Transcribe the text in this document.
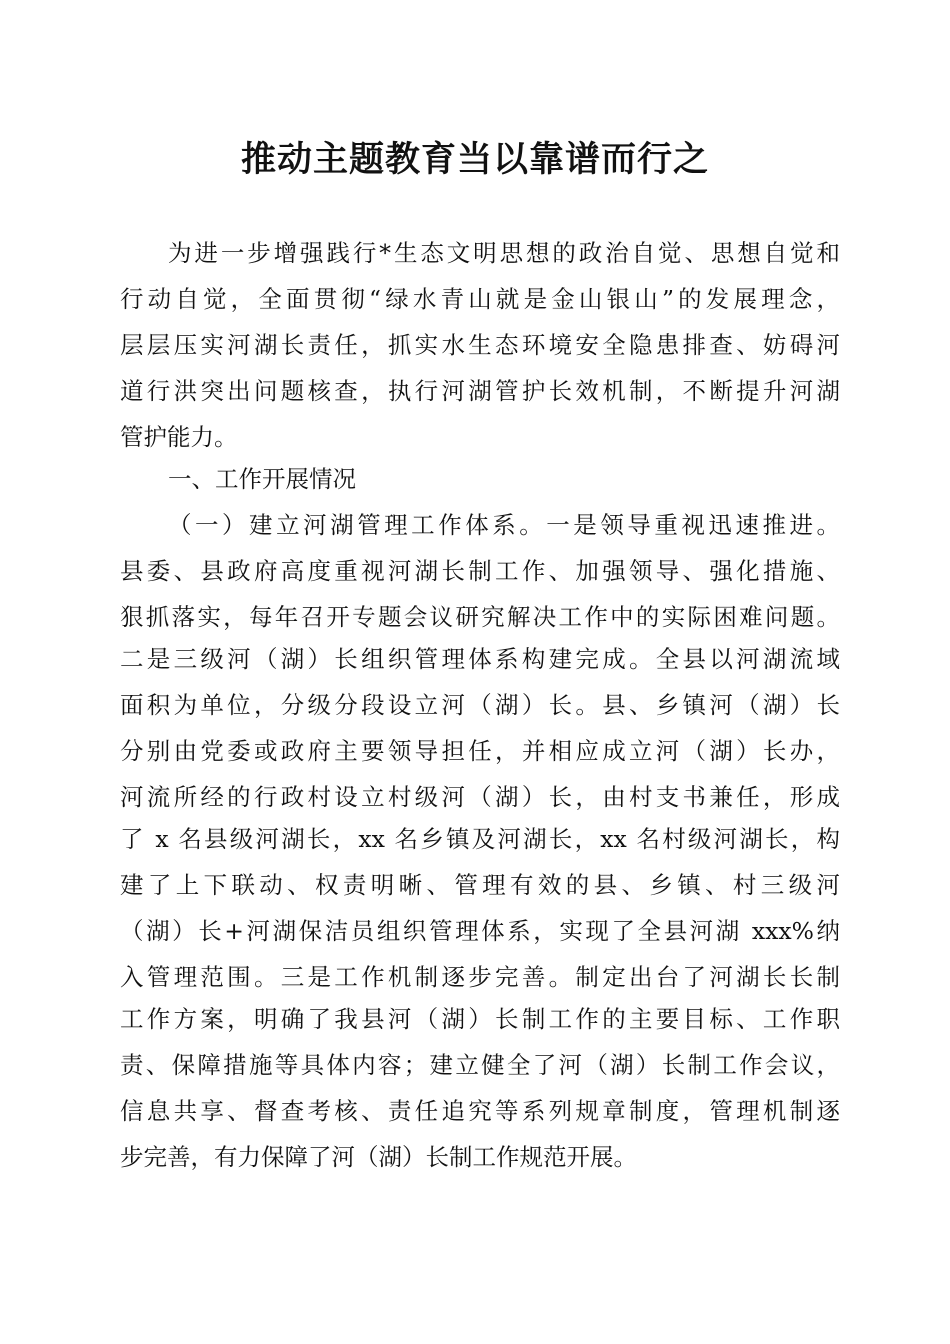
推动主题教育当以靠谱而行之

为进一步增强践行*生态文明思想的政治自觉、思想自觉和

行动自觉，全面贯彻“绿水青山就是金山银山”的发展理念，

层层压实河湖长责任，抓实水生态环境安全隐患排查、妨碍河

道行洪突出问题核查，执行河湖管护长效机制，不断提升河湖

管护能力。

一、工作开展情况

（一）建立河湖管理工作体系。一是领导重视迅速推进。

县委、县政府高度重视河湖长制工作、加强领导、强化措施、

狠抓落实，每年召开专题会议研究解决工作中的实际困难问题。

二是三级河（湖）长组织管理体系构建完成。全县以河湖流域

面积为单位，分级分段设立河（湖）长。县、乡镇河（湖）长

分别由党委或政府主要领导担任，并相应成立河（湖）长办，

河流所经的行政村设立村级河（湖）长，由村支书兼任，形成

了 x 名县级河湖长，xx 名乡镇及河湖长，xx 名村级河湖长，构

建了上下联动、权责明晰、管理有效的县、乡镇、村三级河

（湖）长+河湖保洁员组织管理体系，实现了全县河湖 xxx%纳

入管理范围。三是工作机制逐步完善。制定出台了河湖长长制

工作方案，明确了我县河（湖）长制工作的主要目标、工作职

责、保障措施等具体内容；建立健全了河（湖）长制工作会议，

信息共享、督查考核、责任追究等系列规章制度，管理机制逐

步完善，有力保障了河（湖）长制工作规范开展。
